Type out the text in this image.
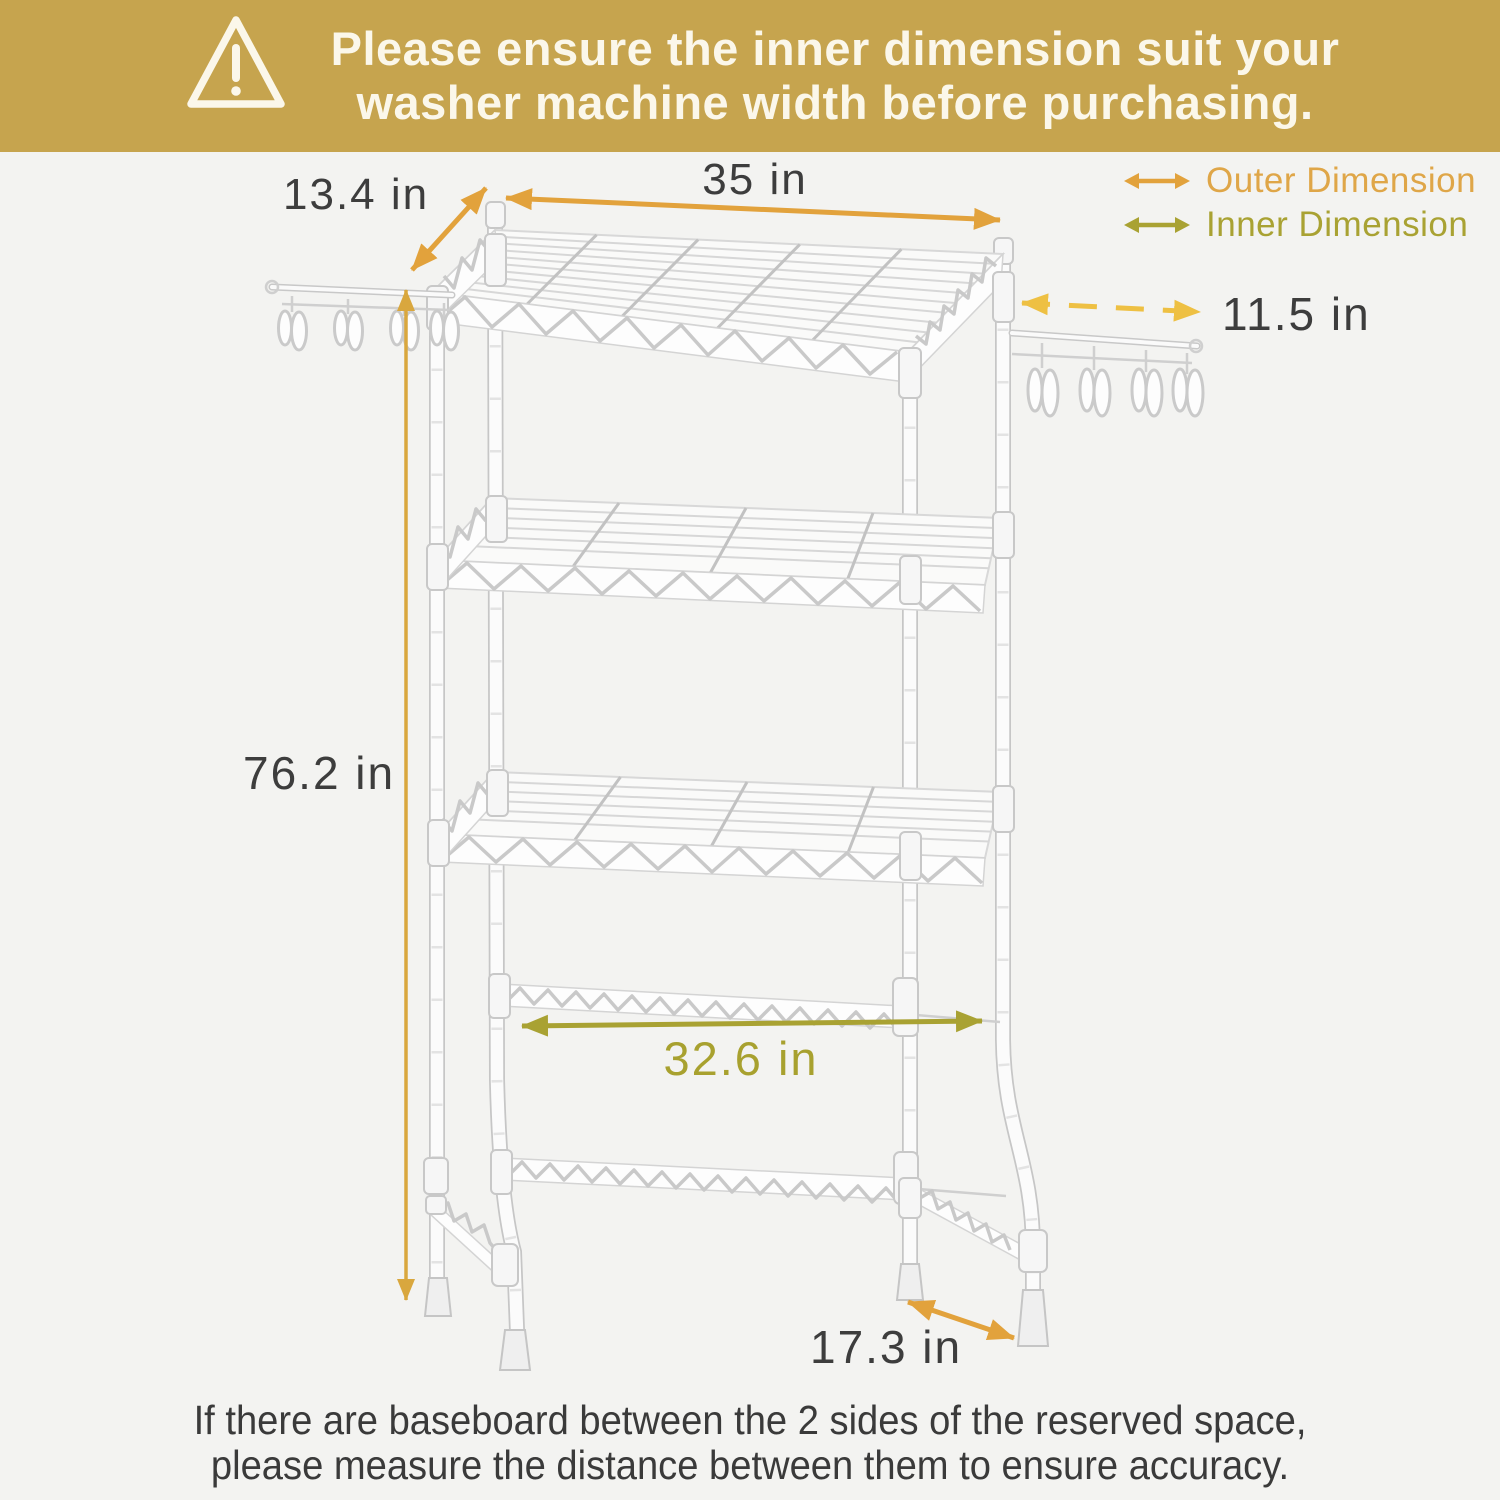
Please ensure the inner dimension suit your
washer machine width before purchasing.
Outer Dimension
Inner Dimension
13.4 in	35 in
11.5 in
76.2 in
32.6 in
17.3 in
If there are baseboard between the 2 sides of the reserved space,
please measure the distance between them to ensure accuracy.
